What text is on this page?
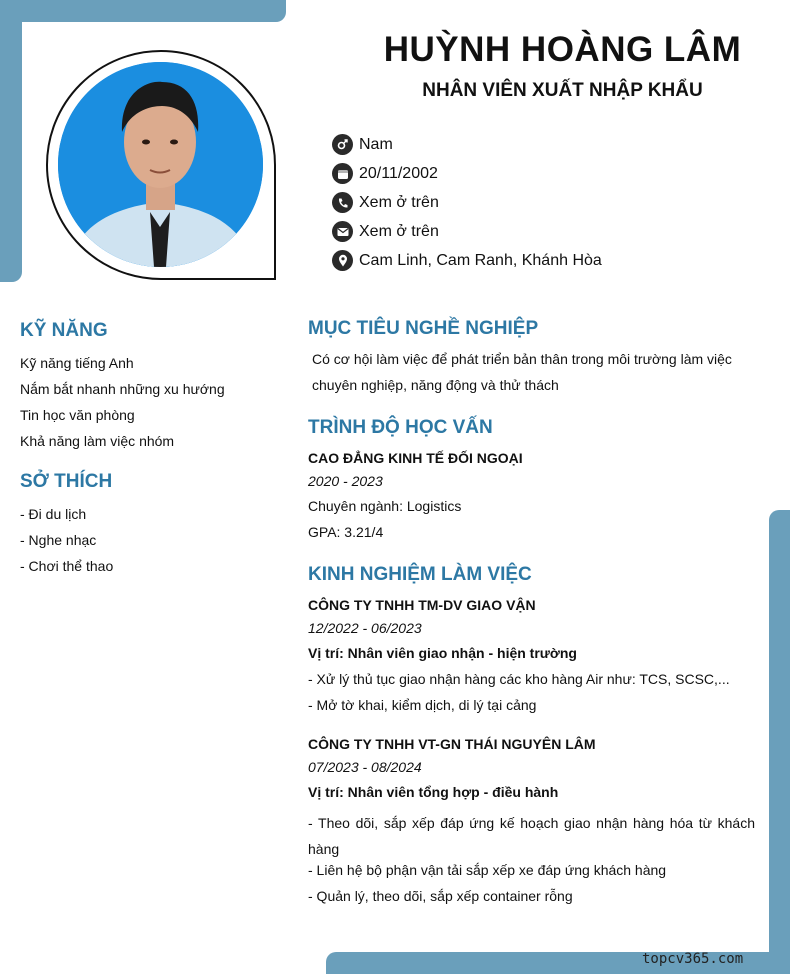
HUỲNH HOÀNG LÂM
NHÂN VIÊN XUẤT NHẬP KHẨU
Nam
20/11/2002
Xem ở trên
Xem ở trên
Cam Linh, Cam Ranh, Khánh Hòa
KỸ NĂNG
Kỹ năng tiếng Anh
Nắm bắt nhanh những xu hướng
Tin học văn phòng
Khả năng làm việc nhóm
SỞ THÍCH
- Đi du lịch
- Nghe nhạc
- Chơi thể thao
MỤC TIÊU NGHỀ NGHIỆP
Có cơ hội làm việc để phát triển bản thân trong môi trường làm việc
chuyên nghiệp, năng động và thử thách
TRÌNH ĐỘ HỌC VẤN
CAO ĐẲNG KINH TẾ ĐỐI NGOẠI
2020 - 2023
Chuyên ngành: Logistics
GPA: 3.21/4
KINH NGHIỆM LÀM VIỆC
CÔNG TY TNHH TM-DV GIAO VẬN
12/2022 - 06/2023
Vị trí: Nhân viên giao nhận - hiện trường
- Xử lý thủ tục giao nhận hàng các kho hàng Air như: TCS, SCSC,...
- Mở tờ khai, kiểm dịch, di lý tại cảng
CÔNG TY TNHH VT-GN THÁI NGUYÊN LÂM
07/2023 - 08/2024
Vị trí: Nhân viên tổng hợp - điều hành
- Theo dõi, sắp xếp đáp ứng kế hoạch giao nhận hàng hóa từ khách hàng
- Liên hệ bộ phận vận tải sắp xếp xe đáp ứng khách hàng
- Quản lý, theo dõi, sắp xếp container rỗng
topcv365.com
